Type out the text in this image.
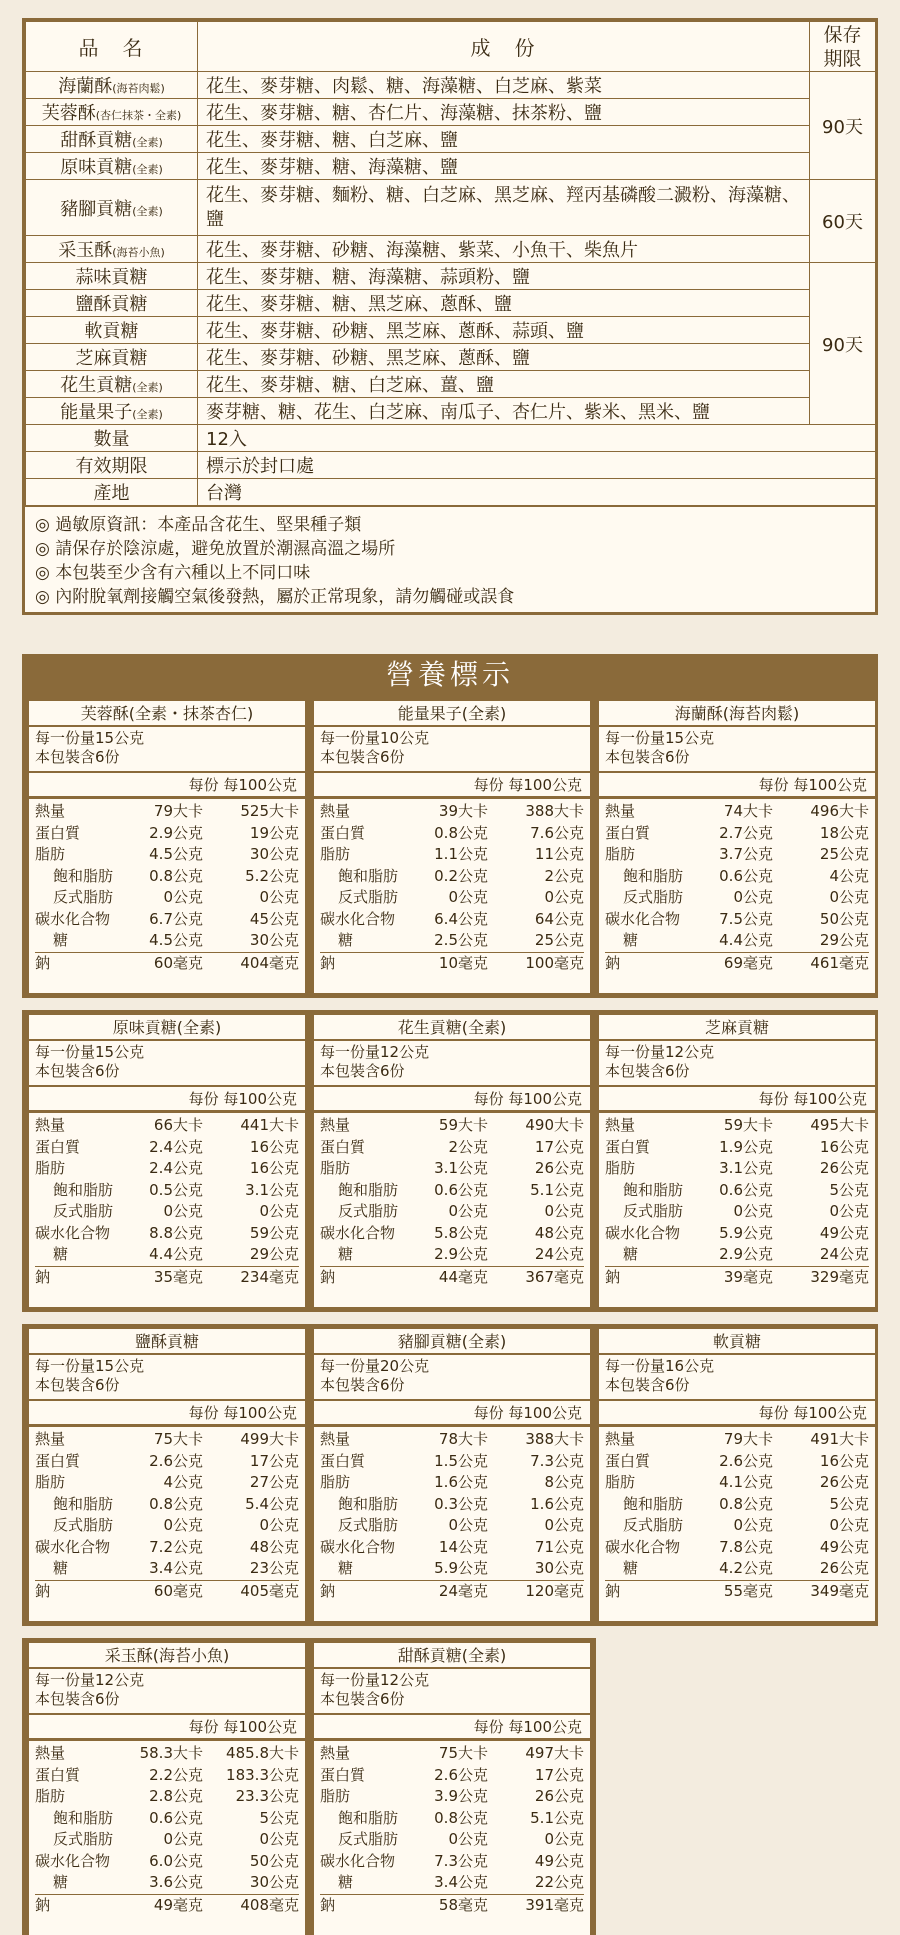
品　名	成　份	保存期限
海蘭酥(海苔肉鬆)	花生、麥芽糖、肉鬆、糖、海藻糖、白芝麻、紫菜	90天
芙蓉酥(杏仁抹茶・全素)	花生、麥芽糖、糖、杏仁片、海藻糖、抹茶粉、鹽	
甜酥貢糖(全素)	花生、麥芽糖、糖、白芝麻、鹽	
原味貢糖(全素)	花生、麥芽糖、糖、海藻糖、鹽	
豬腳貢糖(全素)	花生、麥芽糖、麵粉、糖、白芝麻、黑芝麻、羥丙基磷酸二澱粉、海藻糖、鹽	60天
采玉酥(海苔小魚)	花生、麥芽糖、砂糖、海藻糖、紫菜、小魚干、柴魚片	
蒜味貢糖	花生、麥芽糖、糖、海藻糖、蒜頭粉、鹽	90天
鹽酥貢糖	花生、麥芽糖、糖、黑芝麻、蔥酥、鹽	
軟貢糖	花生、麥芽糖、砂糖、黑芝麻、蔥酥、蒜頭、鹽	
芝麻貢糖	花生、麥芽糖、砂糖、黑芝麻、蔥酥、鹽	
花生貢糖(全素)	花生、麥芽糖、糖、白芝麻、薑、鹽	
能量果子(全素)	麥芽糖、糖、花生、白芝麻、南瓜子、杏仁片、紫米、黑米、鹽	
數量	12入	
有效期限	標示於封口處	
產地	台灣	
◎ 過敏原資訊：本產品含花生、堅果種子類
◎ 請保存於陰涼處，避免放置於潮濕高溫之場所
◎ 本包裝至少含有六種以上不同口味
◎ 內附脫氧劑接觸空氣後發熱，屬於正常現象，請勿觸碰或誤食
營養標示
芙蓉酥(全素・抹茶杏仁)
每一份量15公克
本包裝含6份
每份 每100公克
熱量	79大卡	525大卡
蛋白質	2.9公克	19公克
脂肪	4.5公克	30公克
飽和脂肪	0.8公克	5.2公克
反式脂肪	0公克	0公克
碳水化合物	6.7公克	45公克
糖	4.5公克	30公克
鈉	60毫克	404毫克
能量果子(全素)
每一份量10公克
本包裝含6份
每份 每100公克
熱量	39大卡	388大卡
蛋白質	0.8公克	7.6公克
脂肪	1.1公克	11公克
飽和脂肪	0.2公克	2公克
反式脂肪	0公克	0公克
碳水化合物	6.4公克	64公克
糖	2.5公克	25公克
鈉	10毫克	100毫克
海蘭酥(海苔肉鬆)
每一份量15公克
本包裝含6份
每份 每100公克
熱量	74大卡	496大卡
蛋白質	2.7公克	18公克
脂肪	3.7公克	25公克
飽和脂肪	0.6公克	4公克
反式脂肪	0公克	0公克
碳水化合物	7.5公克	50公克
糖	4.4公克	29公克
鈉	69毫克	461毫克
原味貢糖(全素)
每一份量15公克
本包裝含6份
每份 每100公克
熱量	66大卡	441大卡
蛋白質	2.4公克	16公克
脂肪	2.4公克	16公克
飽和脂肪	0.5公克	3.1公克
反式脂肪	0公克	0公克
碳水化合物	8.8公克	59公克
糖	4.4公克	29公克
鈉	35毫克	234毫克
花生貢糖(全素)
每一份量12公克
本包裝含6份
每份 每100公克
熱量	59大卡	490大卡
蛋白質	2公克	17公克
脂肪	3.1公克	26公克
飽和脂肪	0.6公克	5.1公克
反式脂肪	0公克	0公克
碳水化合物	5.8公克	48公克
糖	2.9公克	24公克
鈉	44毫克	367毫克
芝麻貢糖
每一份量12公克
本包裝含6份
每份 每100公克
熱量	59大卡	495大卡
蛋白質	1.9公克	16公克
脂肪	3.1公克	26公克
飽和脂肪	0.6公克	5公克
反式脂肪	0公克	0公克
碳水化合物	5.9公克	49公克
糖	2.9公克	24公克
鈉	39毫克	329毫克
鹽酥貢糖
每一份量15公克
本包裝含6份
每份 每100公克
熱量	75大卡	499大卡
蛋白質	2.6公克	17公克
脂肪	4公克	27公克
飽和脂肪	0.8公克	5.4公克
反式脂肪	0公克	0公克
碳水化合物	7.2公克	48公克
糖	3.4公克	23公克
鈉	60毫克	405毫克
豬腳貢糖(全素)
每一份量20公克
本包裝含6份
每份 每100公克
熱量	78大卡	388大卡
蛋白質	1.5公克	7.3公克
脂肪	1.6公克	8公克
飽和脂肪	0.3公克	1.6公克
反式脂肪	0公克	0公克
碳水化合物	14公克	71公克
糖	5.9公克	30公克
鈉	24毫克	120毫克
軟貢糖
每一份量16公克
本包裝含6份
每份 每100公克
熱量	79大卡	491大卡
蛋白質	2.6公克	16公克
脂肪	4.1公克	26公克
飽和脂肪	0.8公克	5公克
反式脂肪	0公克	0公克
碳水化合物	7.8公克	49公克
糖	4.2公克	26公克
鈉	55毫克	349毫克
采玉酥(海苔小魚)
每一份量12公克
本包裝含6份
每份 每100公克
熱量	58.3大卡	485.8大卡
蛋白質	2.2公克	183.3公克
脂肪	2.8公克	23.3公克
飽和脂肪	0.6公克	5公克
反式脂肪	0公克	0公克
碳水化合物	6.0公克	50公克
糖	3.6公克	30公克
鈉	49毫克	408毫克
甜酥貢糖(全素)
每一份量12公克
本包裝含6份
每份 每100公克
熱量	75大卡	497大卡
蛋白質	2.6公克	17公克
脂肪	3.9公克	26公克
飽和脂肪	0.8公克	5.1公克
反式脂肪	0公克	0公克
碳水化合物	7.3公克	49公克
糖	3.4公克	22公克
鈉	58毫克	391毫克
